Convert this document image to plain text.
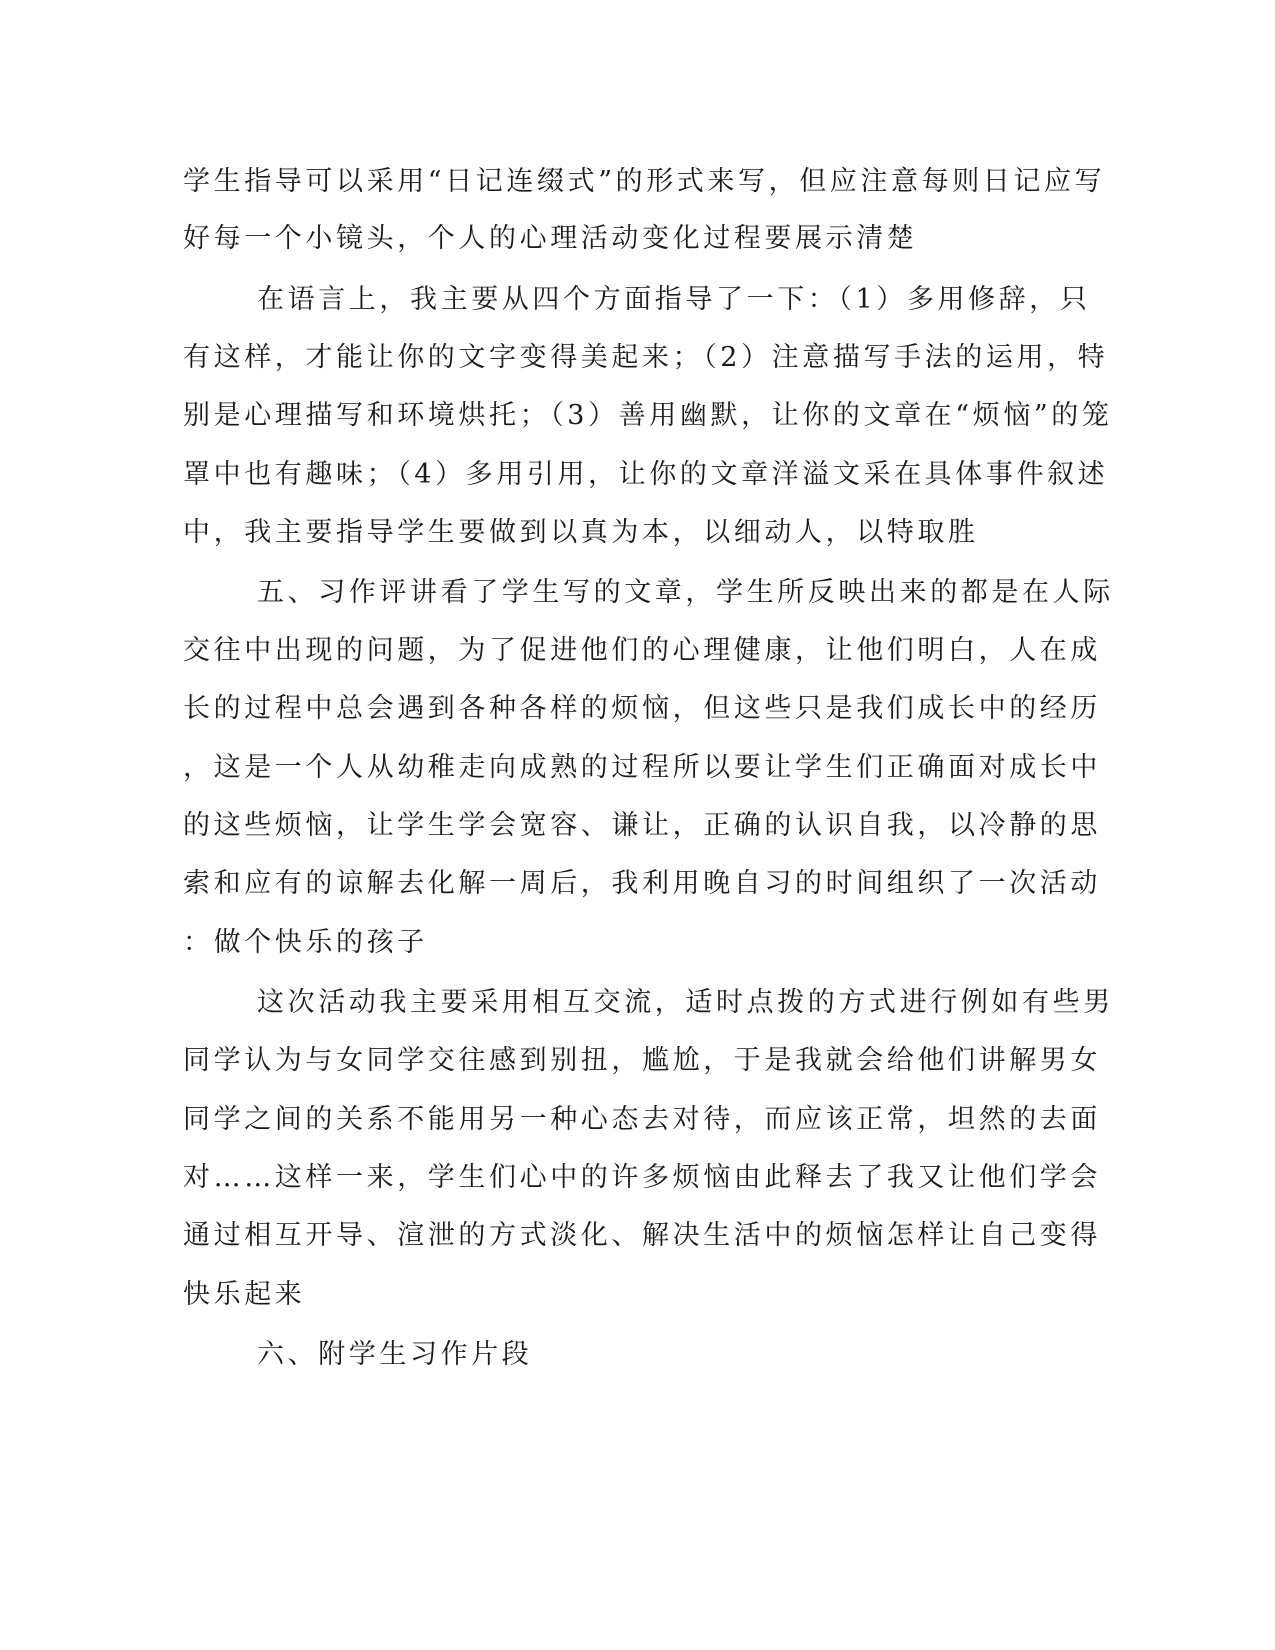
学生指导可以采用“日记连缀式”的形式来写，但应注意每则日记应写
好每一个小镜头，个人的心理活动变化过程要展示清楚
在语言上，我主要从四个方面指导了一下：（1）多用修辞，只
有这样，才能让你的文字变得美起来；（2）注意描写手法的运用，特
别是心理描写和环境烘托；（3）善用幽默，让你的文章在“烦恼”的笼
罩中也有趣味；（4）多用引用，让你的文章洋溢文采在具体事件叙述
中，我主要指导学生要做到以真为本，以细动人，以特取胜
五、习作评讲看了学生写的文章，学生所反映出来的都是在人际
交往中出现的问题，为了促进他们的心理健康，让他们明白，人在成
长的过程中总会遇到各种各样的烦恼，但这些只是我们成长中的经历
，这是一个人从幼稚走向成熟的过程所以要让学生们正确面对成长中
的这些烦恼，让学生学会宽容、谦让，正确的认识自我，以冷静的思
索和应有的谅解去化解一周后，我利用晚自习的时间组织了一次活动
：做个快乐的孩子
这次活动我主要采用相互交流，适时点拨的方式进行例如有些男
同学认为与女同学交往感到别扭，尴尬，于是我就会给他们讲解男女
同学之间的关系不能用另一种心态去对待，而应该正常，坦然的去面
对……这样一来，学生们心中的许多烦恼由此释去了我又让他们学会
通过相互开导、渲泄的方式淡化、解决生活中的烦恼怎样让自己变得
快乐起来
六、附学生习作片段
